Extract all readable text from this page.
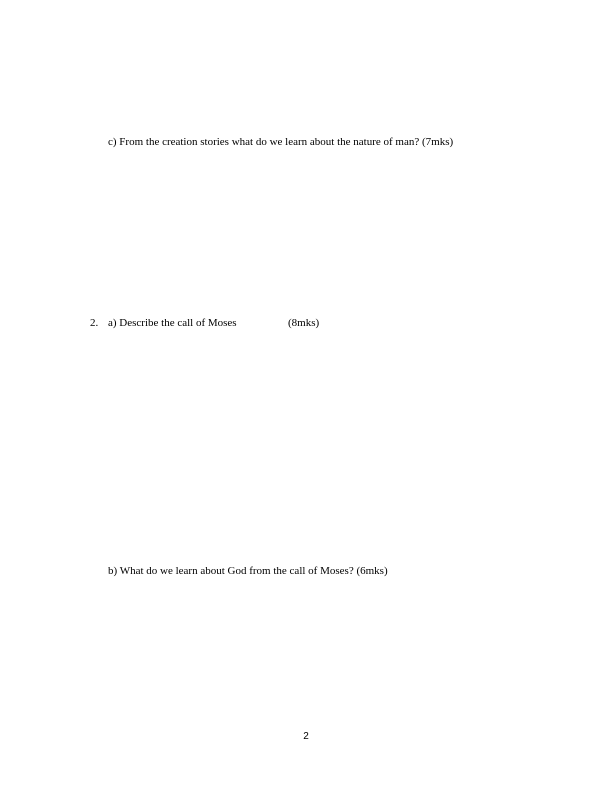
c) From the creation stories what do we learn about the nature of man? (7mks)
2. a) Describe the call of Moses	(8mks)
b) What do we learn about God from the call of Moses? (6mks)
2
